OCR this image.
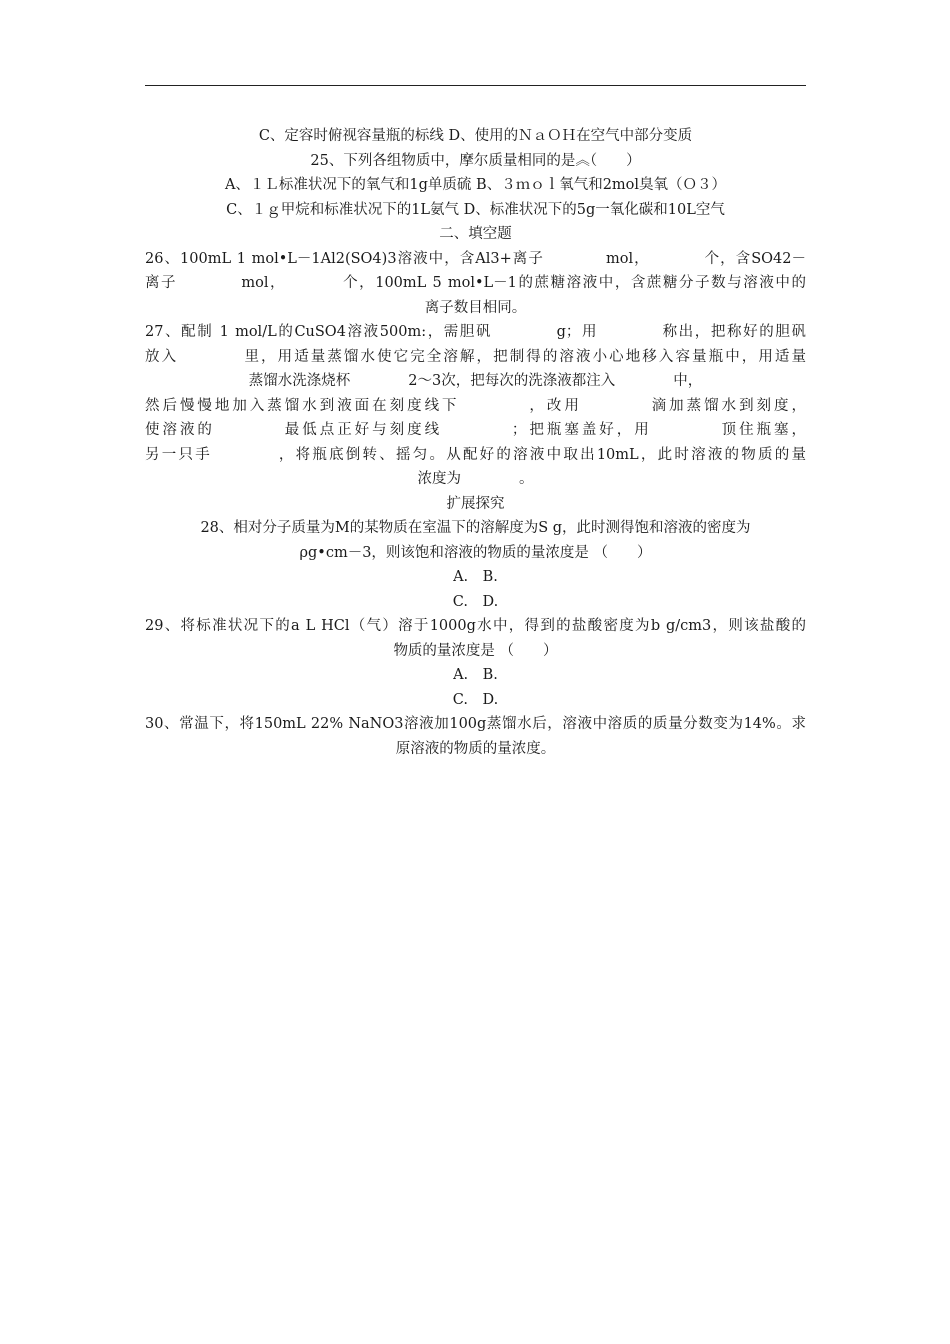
C、定容时俯视容量瓶的标线 D、使用的ＮａＯＨ在空气中部分变质
25、下列各组物质中，摩尔质量相同的是︽（　　）
A、１Ｌ标准状况下的氧气和1g单质硫 B、３ｍｏｌ氧气和2mol臭氧（Ｏ３）
C、１ｇ甲烷和标准状况下的1L氨气 D、标准状况下的5g一氧化碳和10L空气
二、填空题
26、100mL 1 mol•L－1Al2(SO4)3溶液中，含Al3+离子　　　　mol，　　　　个，含SO42－
离子　　　　mol，　　　　个，100mL 5 mol•L－1的蔗糖溶液中，含蔗糖分子数与溶液中的
离子数目相同。
27、配制 1 mol/L的CuSO4溶液500m:，需胆矾　　　　g；用　　　　称出，把称好的胆矾
放入　　　　里，用适量蒸馏水使它完全溶解，把制得的溶液小心地移入容量瓶中，用适量
蒸馏水洗涤烧杯　　　　2～3次，把每次的洗涤液都注入　　　　中，
然后慢慢地加入蒸馏水到液面在刻度线下　　　　，改用　　　　滴加蒸馏水到刻度，
使溶液的　　　　最低点正好与刻度线　　　　；把瓶塞盖好，用　　　　顶住瓶塞，
另一只手　　　　，将瓶底倒转、摇匀。从配好的溶液中取出10mL，此时溶液的物质的量
浓度为　　　　。
扩展探究
28、相对分子质量为M的某物质在室温下的溶解度为S g，此时测得饱和溶液的密度为
ρg•cm－3，则该饱和溶液的物质的量浓度是 （　　）
A.　B.
C.　D.
29、将标准状况下的a L HCl（气）溶于1000g水中，得到的盐酸密度为b g/cm3，则该盐酸的
物质的量浓度是 （　　）
A.　B.
C.　D.
30、常温下，将150mL 22% NaNO3溶液加100g蒸馏水后，溶液中溶质的质量分数变为14%。求
原溶液的物质的量浓度。
